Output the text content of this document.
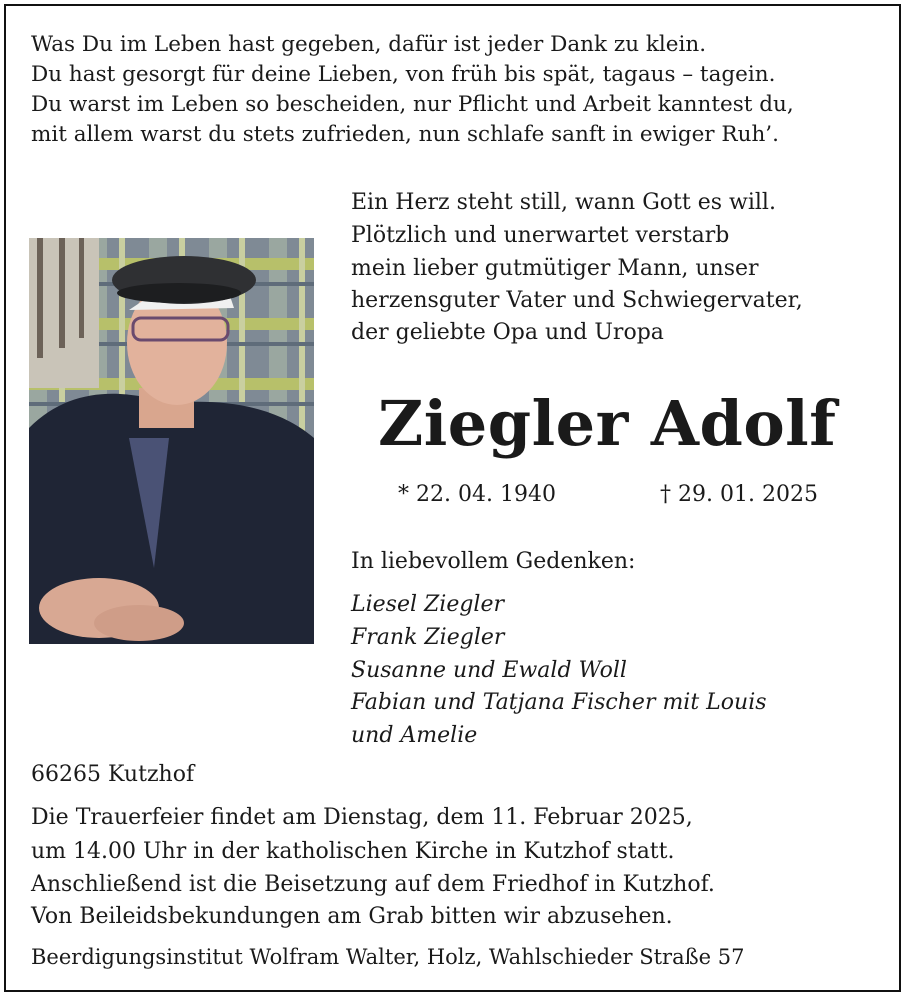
Was Du im Leben hast gegeben, dafür ist jeder Dank zu klein.
Du hast gesorgt für deine Lieben, von früh bis spät, tagaus – tagein.
Du warst im Leben so bescheiden, nur Pflicht und Arbeit kanntest du,
mit allem warst du stets zufrieden, nun schlafe sanft in ewiger Ruh’.
Ein Herz steht still, wann Gott es will.
Plötzlich und unerwartet verstarb
mein lieber gutmütiger Mann, unser
herzensguter Vater und Schwiegervater,
der geliebte Opa und Uropa
Ziegler Adolf
* 22. 04. 1940	† 29. 01. 2025
In liebevollem Gedenken:
Liesel Ziegler
Frank Ziegler
Susanne und Ewald Woll
Fabian und Tatjana Fischer mit Louis
und Amelie
66265 Kutzhof
Die Trauerfeier findet am Dienstag, dem 11. Februar 2025,
um 14.00 Uhr in der katholischen Kirche in Kutzhof statt.
Anschließend ist die Beisetzung auf dem Friedhof in Kutzhof.
Von Beileidsbekundungen am Grab bitten wir abzusehen.
Beerdigungsinstitut Wolfram Walter, Holz, Wahlschieder Straße 57
